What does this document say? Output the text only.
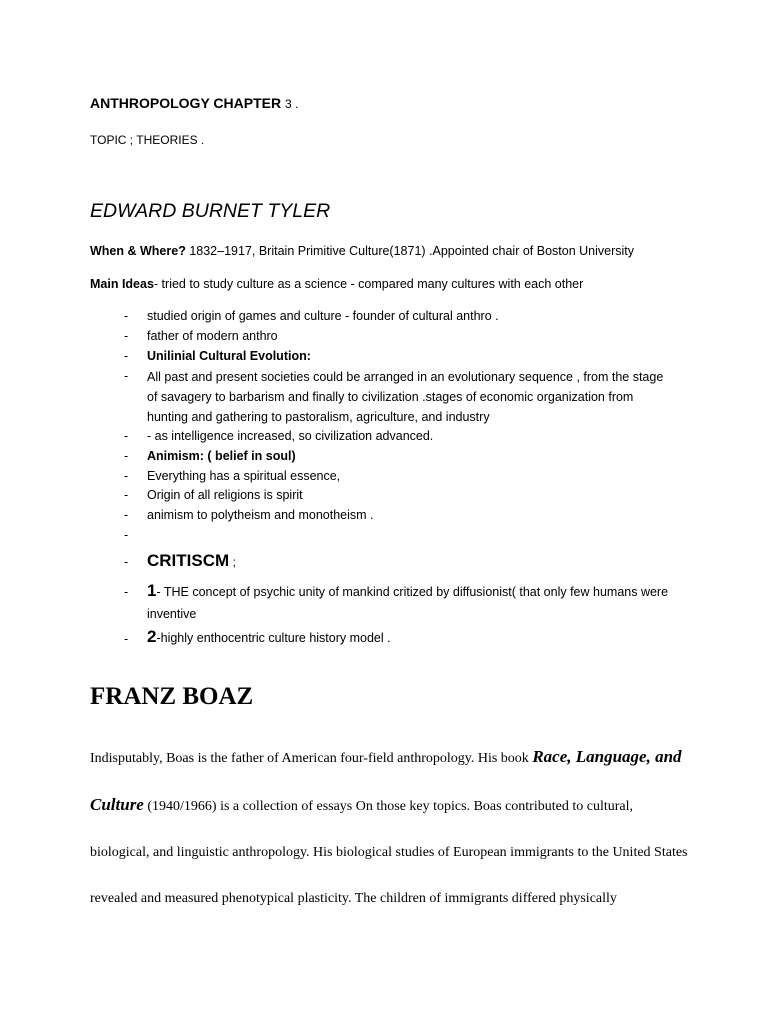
ANTHROPOLOGY CHAPTER 3 .
TOPIC ; THEORIES .
EDWARD BURNET TYLER
When & Where? 1832–1917, Britain Primitive Culture(1871) .Appointed chair of Boston University
Main Ideas- tried to study culture as a science - compared many cultures with each other
- studied origin of games and culture - founder of cultural anthro .
- father of modern anthro
- Unilinial Cultural Evolution:
- All past and present societies could be arranged in an evolutionary sequence , from the stage of savagery to barbarism and finally to civilization .stages of economic organization from hunting and gathering to pastoralism, agriculture, and industry
- - as intelligence increased, so civilization advanced.
- Animism: ( belief in soul)
- Everything has a spiritual essence,
- Origin of all religions is spirit
- animism to polytheism and monotheism .
-
- CRITISCM ;
- 1- THE concept of psychic unity of mankind critized by diffusionist( that only few humans were inventive
- 2-highly enthocentric culture history model .
FRANZ BOAZ
Indisputably, Boas is the father of American four-field anthropology. His book Race, Language, and Culture (1940/1966) is a collection of essays On those key topics. Boas contributed to cultural, biological, and linguistic anthropology. His biological studies of European immigrants to the United States revealed and measured phenotypical plasticity. The children of immigrants differed physically
